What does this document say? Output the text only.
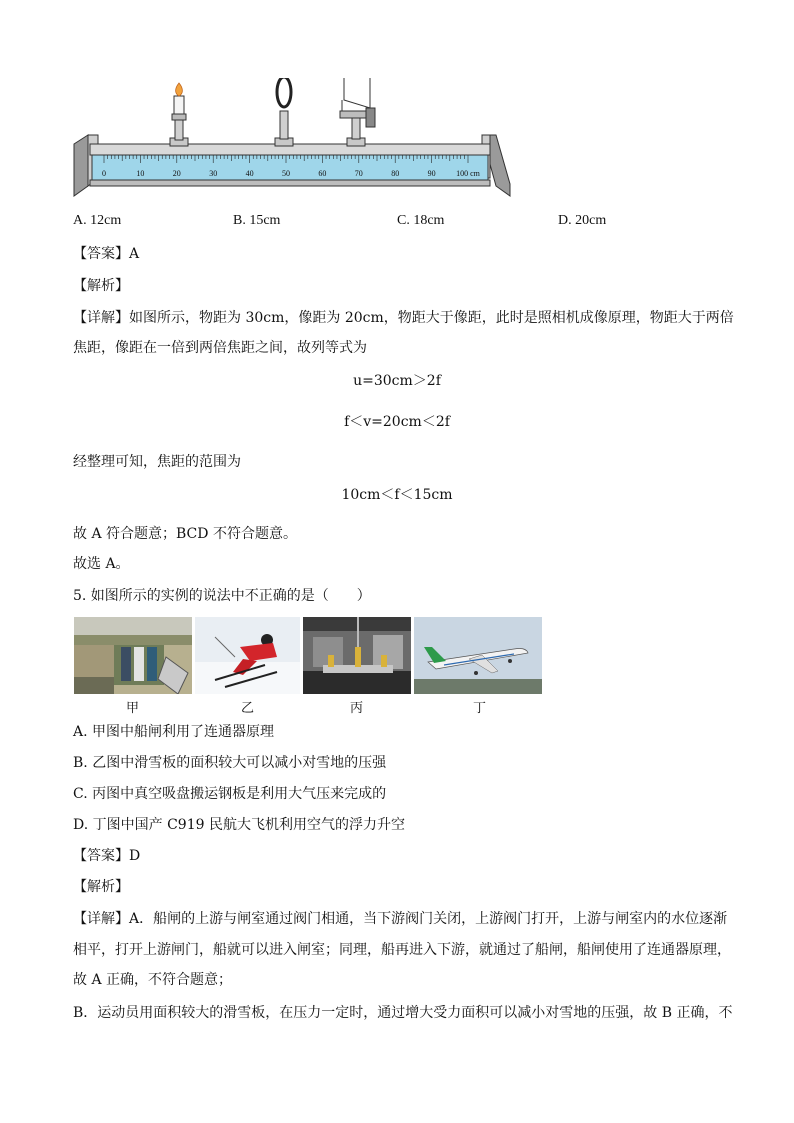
0	10	20	30	40	50	60	70	80	90	100 cm
A. 12cm	B. 15cm	C. 18cm	D. 20cm
【答案】A
【解析】
【详解】如图所示，物距为 30cm，像距为 20cm，物距大于像距，此时是照相机成像原理，物距大于两倍
焦距，像距在一倍到两倍焦距之间，故列等式为
u=30cm＞2f
f＜v=20cm＜2f
经整理可知，焦距的范围为
10cm＜f＜15cm
故 A 符合题意；BCD 不符合题意。
故选 A。
5. 如图所示的实例的说法中不正确的是（　　）
甲	乙	丙	丁
A. 甲图中船闸利用了连通器原理
B. 乙图中滑雪板的面积较大可以减小对雪地的压强
C. 丙图中真空吸盘搬运钢板是利用大气压来完成的
D. 丁图中国产 C919 民航大飞机利用空气的浮力升空
【答案】D
【解析】
【详解】A．船闸的上游与闸室通过阀门相通，当下游阀门关闭，上游阀门打开，上游与闸室内的水位逐渐
相平，打开上游闸门，船就可以进入闸室；同理，船再进入下游，就通过了船闸，船闸使用了连通器原理，
故 A 正确，不符合题意；
B．运动员用面积较大的滑雪板，在压力一定时，通过增大受力面积可以减小对雪地的压强，故 B 正确，不
